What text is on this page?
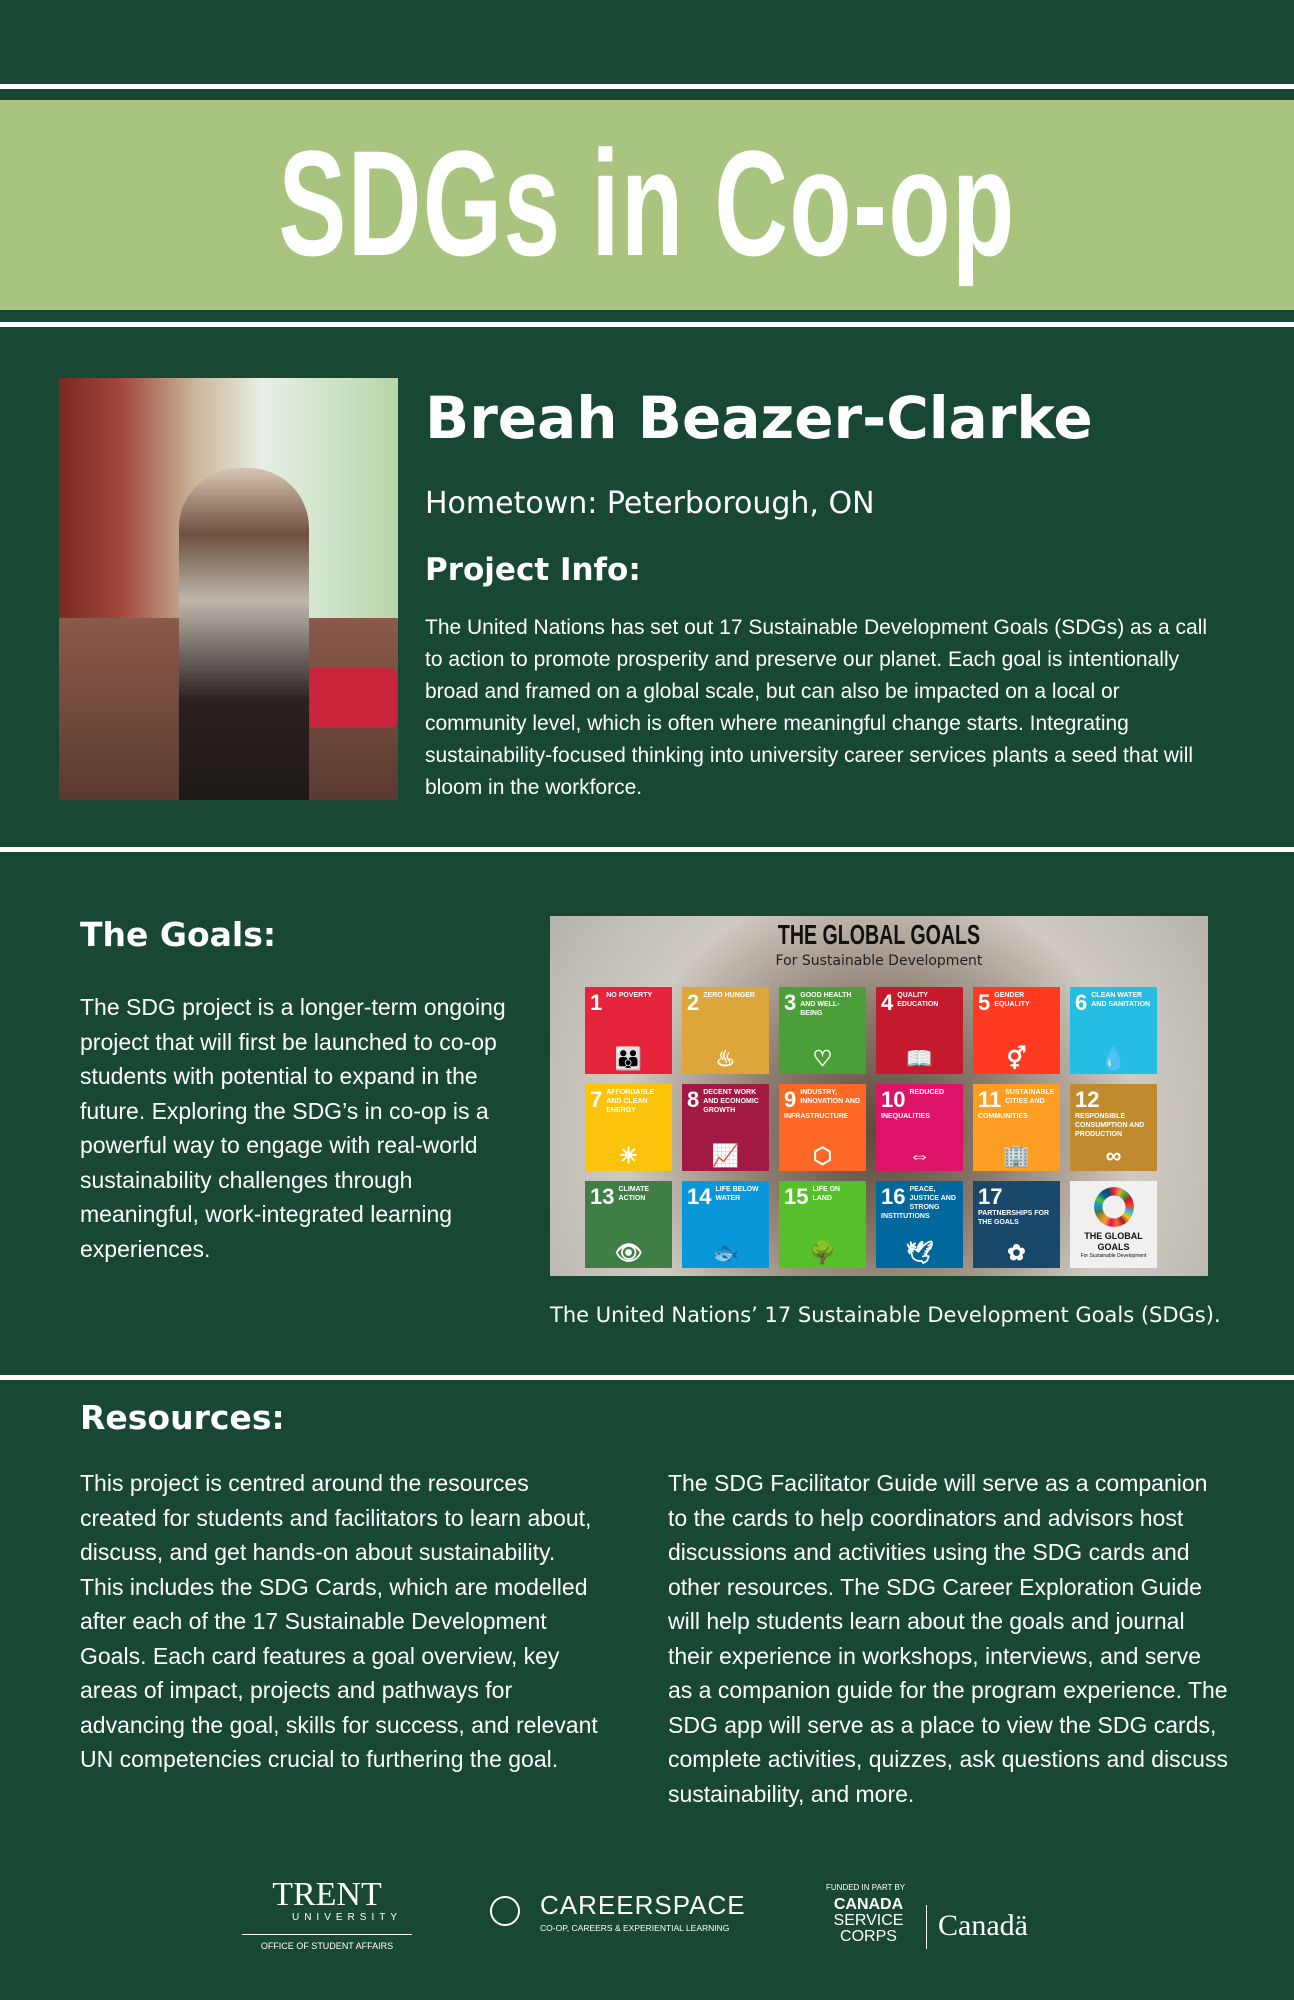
SDGs in Co-op
Breah Beazer-Clarke
Hometown: Peterborough, ON
Project Info:
The United Nations has set out 17 Sustainable Development Goals (SDGs) as a call to action to promote prosperity and preserve our planet. Each goal is intentionally broad and framed on a global scale, but can also be impacted on a local or community level, which is often where meaningful change starts. Integrating sustainability-focused thinking into university career services plants a seed that will bloom in the workforce.
The Goals:
The SDG project is a longer-term ongoing project that will first be launched to co-op students with potential to expand in the future. Exploring the SDG’s in co-op is a powerful way to engage with real-world sustainability challenges through meaningful, work-integrated learning experiences.
THE GLOBAL GOALS
For Sustainable Development
1 NO POVERTY
👪
2 ZERO HUNGER
♨
3 GOOD HEALTH AND WELL-BEING
♡
4 QUALITY EDUCATION
📖
5 GENDER EQUALITY
⚥
6 CLEAN WATER AND SANITATION
💧
7 AFFORDABLE AND CLEAN ENERGY
☀
8 DECENT WORK AND ECONOMIC GROWTH
📈
9 INDUSTRY, INNOVATION AND INFRASTRUCTURE
⬡
10 REDUCED INEQUALITIES
⇔
11 SUSTAINABLE CITIES AND COMMUNITIES
🏢
12
RESPONSIBLE CONSUMPTION AND PRODUCTION
∞
13 CLIMATE ACTION
👁
14 LIFE BELOW WATER
🐟
15 LIFE ON LAND
🌳
16 PEACE, JUSTICE AND STRONG INSTITUTIONS
🕊
17
PARTNERSHIPS FOR THE GOALS
✿
THE GLOBAL GOALS
For Sustainable Development
The United Nations’ 17 Sustainable Development Goals (SDGs).
Resources:
This project is centred around the resources created for students and facilitators to learn about, discuss, and get hands-on about sustainability. This includes the SDG Cards, which are modelled after each of the 17 Sustainable Development Goals. Each card features a goal overview, key areas of impact, projects and pathways for advancing the goal, skills for success, and relevant UN competencies crucial to furthering the goal.
The SDG Facilitator Guide will serve as a companion to the cards to help coordinators and advisors host discussions and activities using the SDG cards and other resources. The SDG Career Exploration Guide will help students learn about the goals and journal their experience in workshops, interviews, and serve as a companion guide for the program experience. The SDG app will serve as a place to view the SDG cards, complete activities, quizzes, ask questions and discuss sustainability, and more.
TRENT
UNIVERSITY
OFFICE OF STUDENT AFFAIRS
CAREERSPACE
CO-OP, CAREERS & EXPERIENTIAL LEARNING
FUNDED IN PART BY
CANADA
SERVICE
CORPS	Canadä
